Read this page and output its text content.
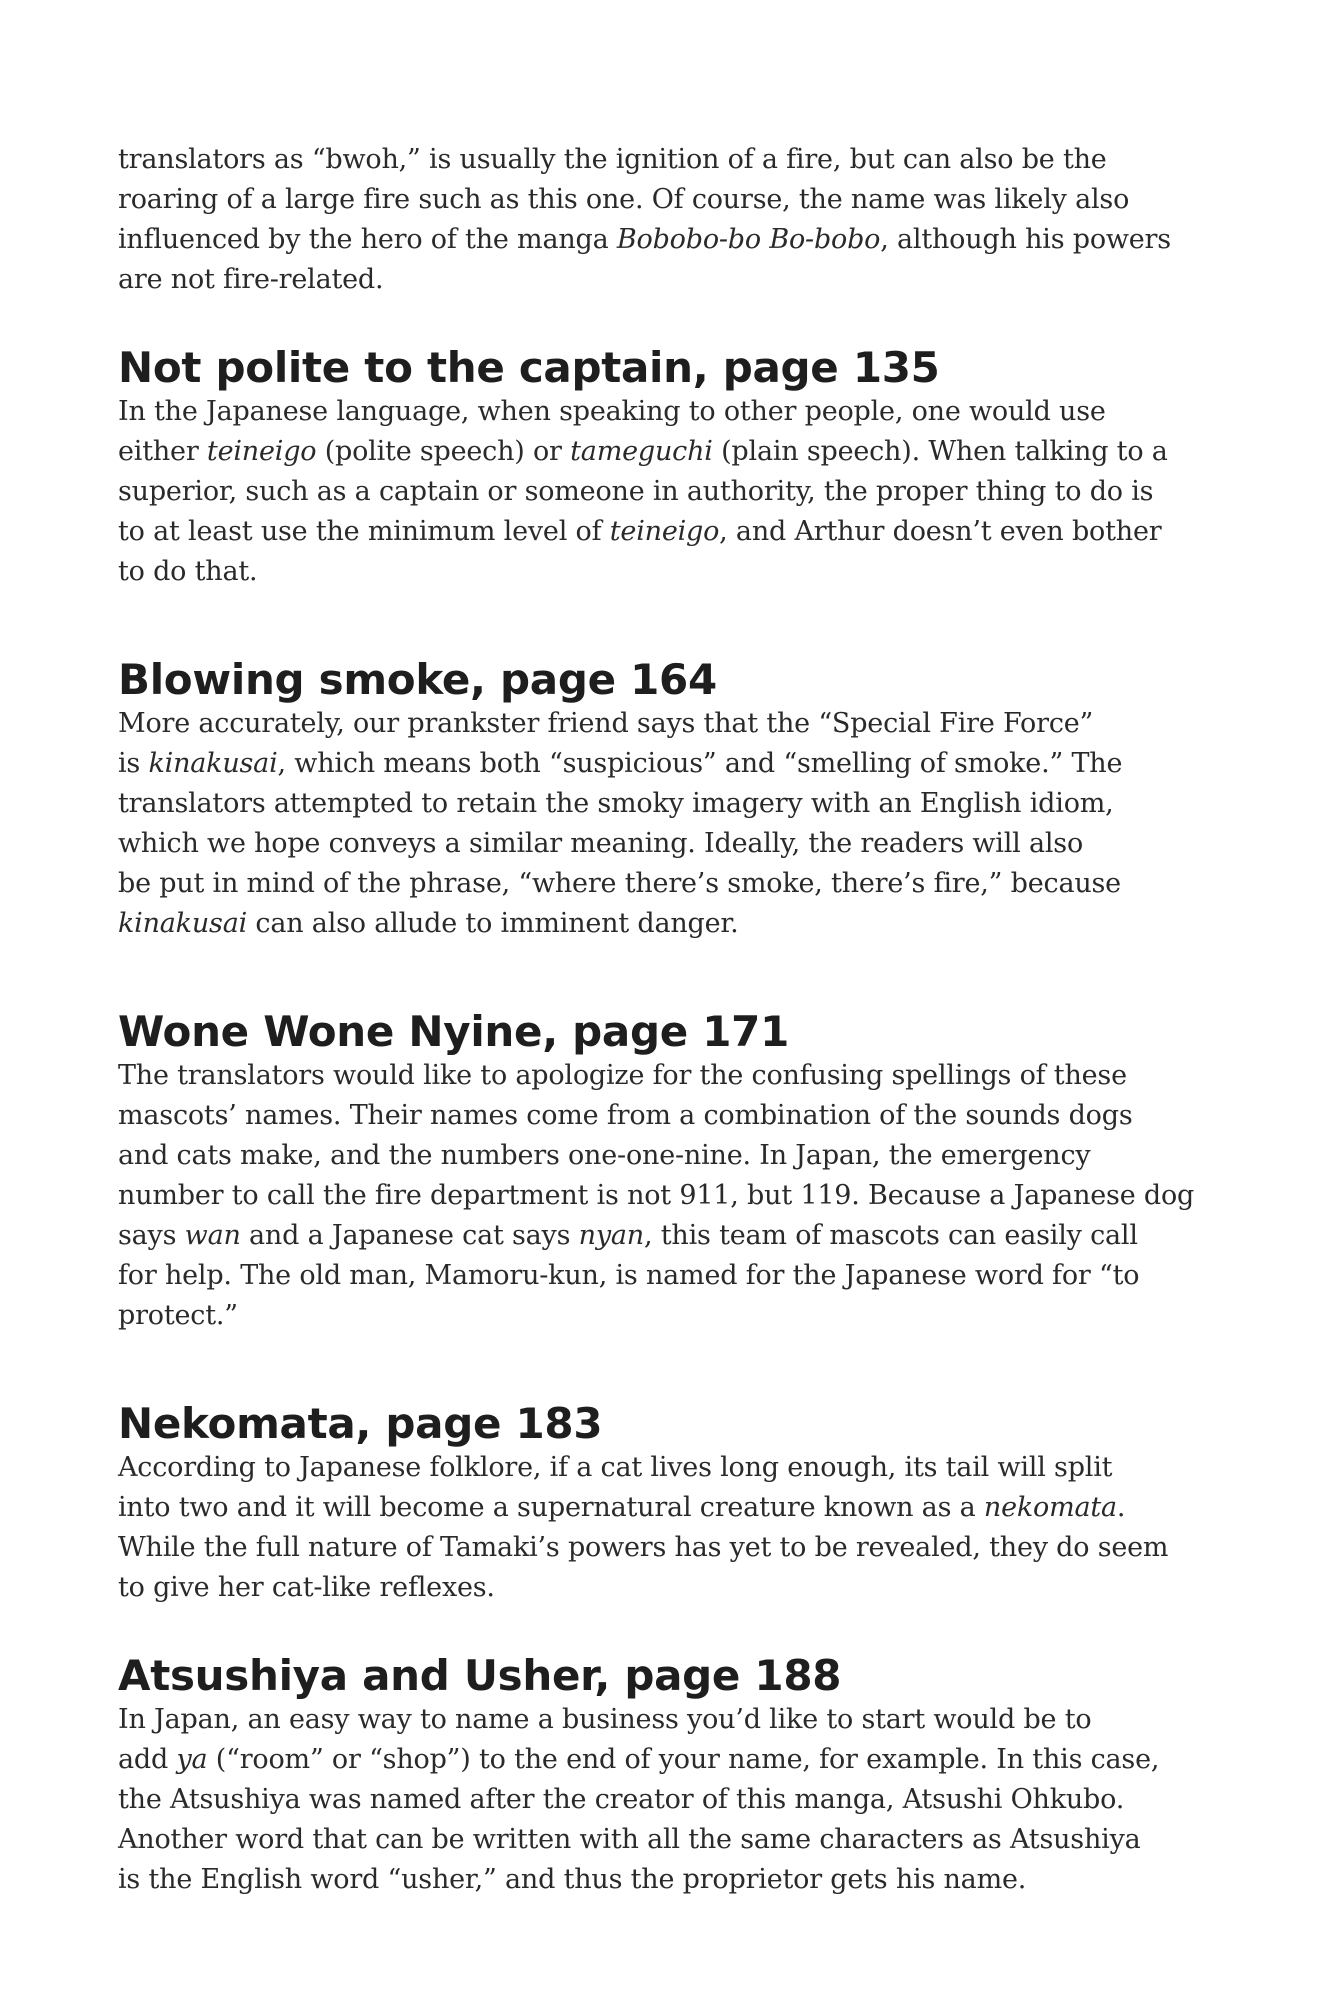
translators as “bwoh,” is usually the ignition of a fire, but can also be the
roaring of a large fire such as this one. Of course, the name was likely also
influenced by the hero of the manga Bobobo-bo Bo-bobo, although his powers
are not fire-related.

Not polite to the captain, page 135

In the Japanese language, when speaking to other people, one would use
either teineigo (polite speech) or tameguchi (plain speech). When talking to a
superior, such as a captain or someone in authority, the proper thing to do is
to at least use the minimum level of teineigo, and Arthur doesn’t even bother
to do that.

Blowing smoke, page 164

More accurately, our prankster friend says that the “Special Fire Force”
is kinakusai, which means both “suspicious” and “smelling of smoke.” The
translators attempted to retain the smoky imagery with an English idiom,
which we hope conveys a similar meaning. Ideally, the readers will also
be put in mind of the phrase, “where there’s smoke, there’s fire,” because
kinakusai can also allude to imminent danger.

Wone Wone Nyine, page 171

The translators would like to apologize for the confusing spellings of these
mascots’ names. Their names come from a combination of the sounds dogs
and cats make, and the numbers one-one-nine. In Japan, the emergency
number to call the fire department is not 911, but 119. Because a Japanese dog
says wan and a Japanese cat says nyan, this team of mascots can easily call
for help. The old man, Mamoru-kun, is named for the Japanese word for “to
protect.”

Nekomata, page 183

According to Japanese folklore, if a cat lives long enough, its tail will split
into two and it will become a supernatural creature known as a nekomata.
While the full nature of Tamaki’s powers has yet to be revealed, they do seem
to give her cat-like reflexes.

Atsushiya and Usher, page 188

In Japan, an easy way to name a business you’d like to start would be to
add ya (“room” or “shop”) to the end of your name, for example. In this case,
the Atsushiya was named after the creator of this manga, Atsushi Ohkubo.
Another word that can be written with all the same characters as Atsushiya
is the English word “usher,” and thus the proprietor gets his name.
